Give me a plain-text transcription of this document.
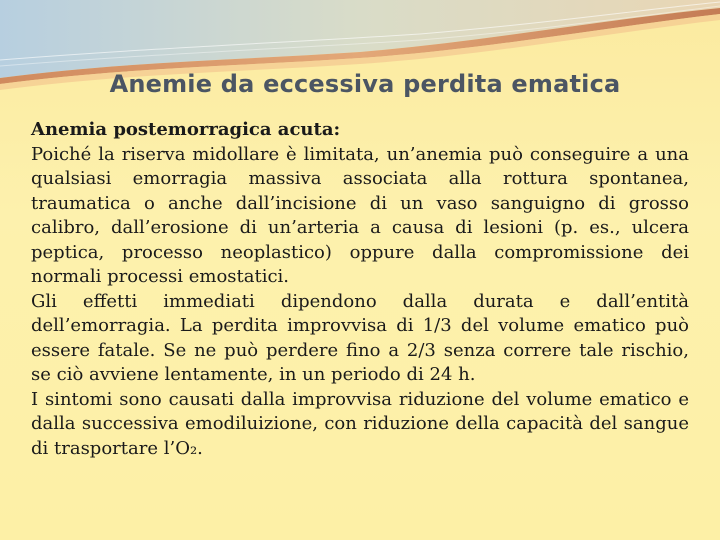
Anemie da eccessiva perdita ematica

Anemia postemorragica acuta:

Poiché la riserva midollare è limitata, un’anemia può conseguire a una qualsiasi emorragia massiva associata alla rottura spontanea, traumatica o anche dall’incisione di un vaso sanguigno di grosso calibro, dall’erosione di un’arteria a causa di lesioni (p. es., ulcera peptica, processo neoplastico) oppure dalla compromissione dei normali processi emostatici.

Gli effetti immediati dipendono dalla durata e dall’entità dell’emorragia. La perdita improvvisa di 1/3 del volume ematico può essere fatale. Se ne può perdere fino a 2/3 senza correre tale rischio, se ciò avviene lentamente, in un periodo di 24 h.

I sintomi sono causati dalla improvvisa riduzione del volume ematico e dalla successiva emodiluizione, con riduzione della capacità del sangue di trasportare l’O₂.
